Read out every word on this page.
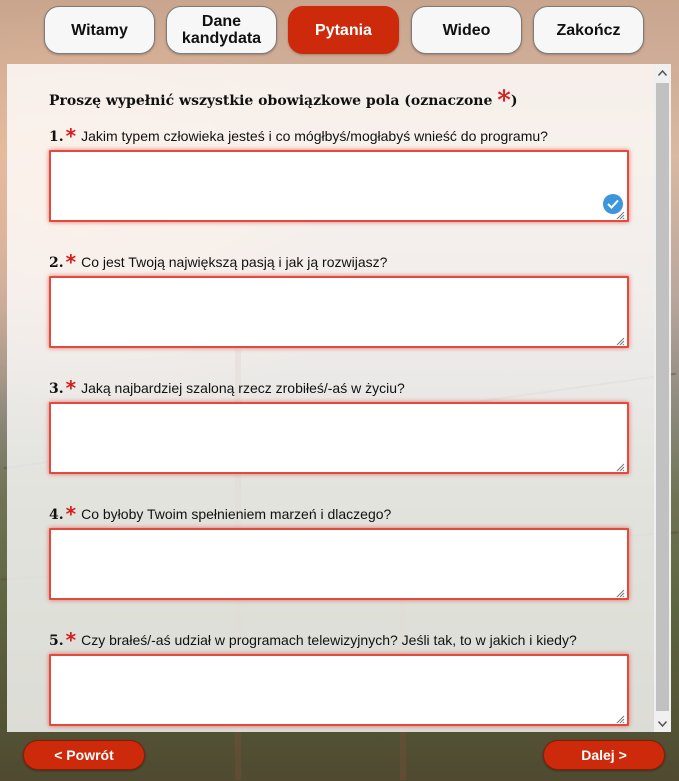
Witamy	Dane
kandydata	Pytania	Wideo	Zakończ
Proszę wypełnić wszystkie obowiązkowe pola (oznaczone *)
1. * Jakim typem człowieka jesteś i co mógłbyś/mogłabyś wnieść do programu?
2. * Co jest Twoją największą pasją i jak ją rozwijasz?
3. * Jaką najbardziej szaloną rzecz zrobiłeś/-aś w życiu?
4. * Co byłoby Twoim spełnieniem marzeń i dlaczego?
5. * Czy brałeś/-aś udział w programach telewizyjnych? Jeśli tak, to w jakich i kiedy?
< Powrót	Dalej >
